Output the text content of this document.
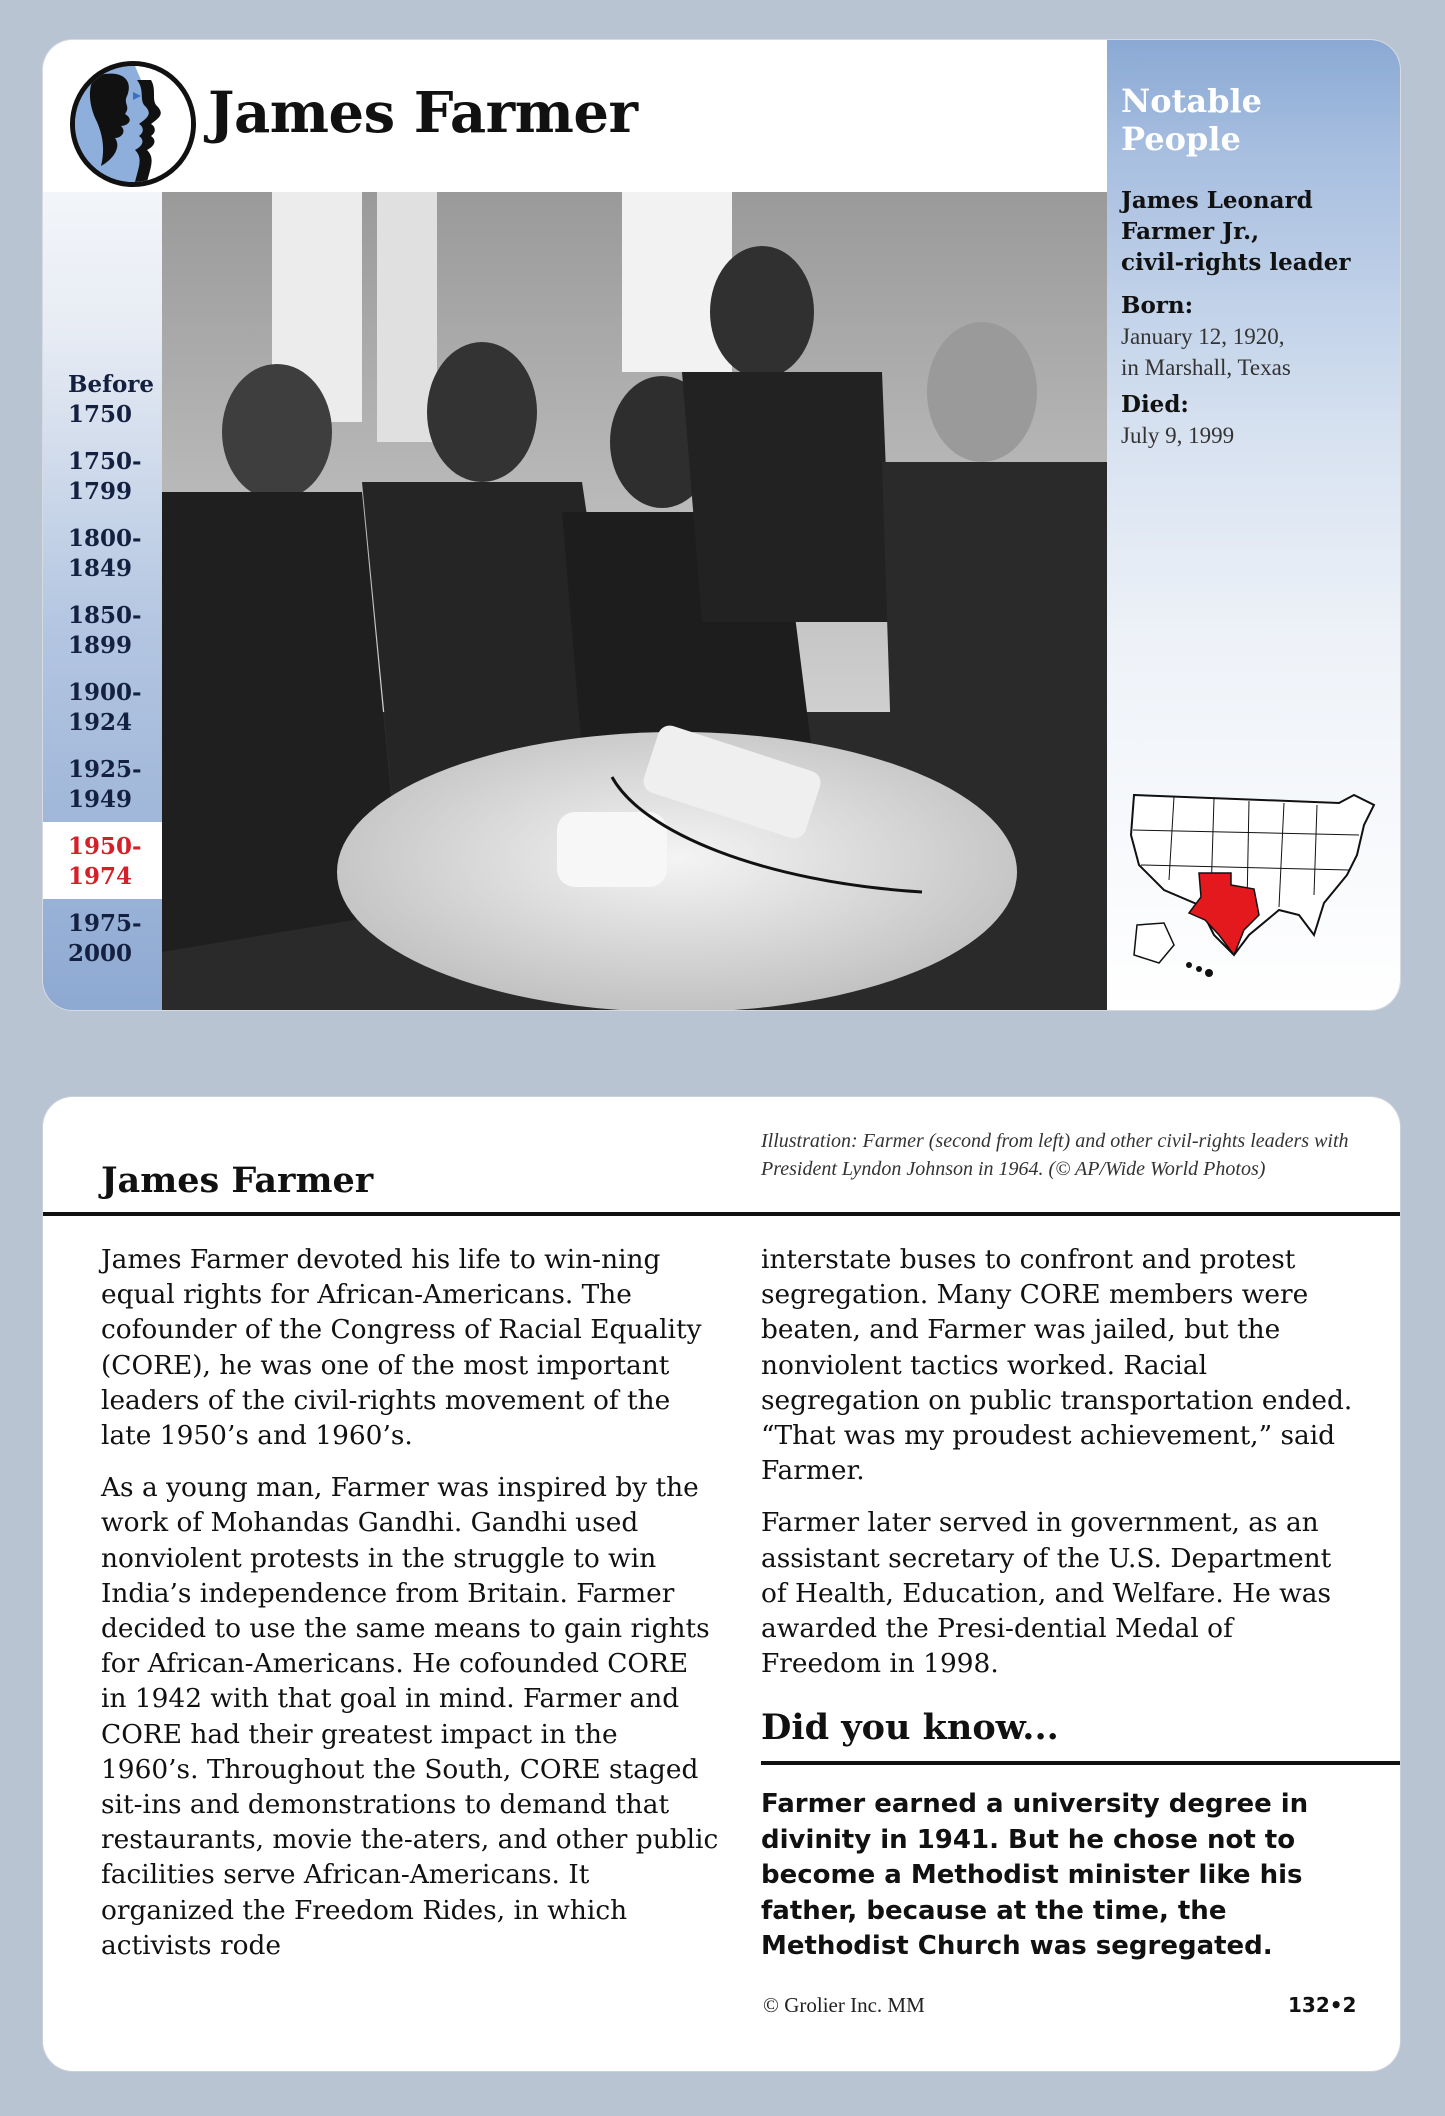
James Farmer
Before
1750
1750-
1799
1800-
1849
1850-
1899
1900-
1924
1925-
1949
1950-
1974
1975-
2000
Notable
People
James Leonard
Farmer Jr.,
civil-rights leader
Born:
January 12, 1920,
in Marshall, Texas
Died:
July 9, 1999
James Farmer
Illustration: Farmer (second from left) and other civil-rights leaders with President Lyndon Johnson in 1964. (© AP/Wide World Photos)

James Farmer devoted his life to win-ning equal rights for African-Americans. The cofounder of the Congress of Racial Equality (CORE), he was one of the most important leaders of the civil-rights movement of the late 1950’s and 1960’s.

As a young man, Farmer was inspired by the work of Mohandas Gandhi. Gandhi used nonviolent protests in the struggle to win India’s independence from Britain. Farmer decided to use the same means to gain rights for African-Americans. He cofounded CORE in 1942 with that goal in mind. Farmer and CORE had their greatest impact in the 1960’s. Throughout the South, CORE staged sit-ins and demonstrations to demand that restaurants, movie the-aters, and other public facilities serve African-Americans. It organized the Freedom Rides, in which activists rode

interstate buses to confront and protest segregation. Many CORE members were beaten, and Farmer was jailed, but the nonviolent tactics worked. Racial segregation on public transportation ended. “That was my proudest achievement,” said Farmer.

Farmer later served in government, as an assistant secretary of the U.S. Department of Health, Education, and Welfare. He was awarded the Presi-dential Medal of Freedom in 1998.

Did you know...
Farmer earned a university degree in divinity in 1941. But he chose not to become a Methodist minister like his father, because at the time, the Methodist Church was segregated.
© Grolier Inc. MM	132•2
